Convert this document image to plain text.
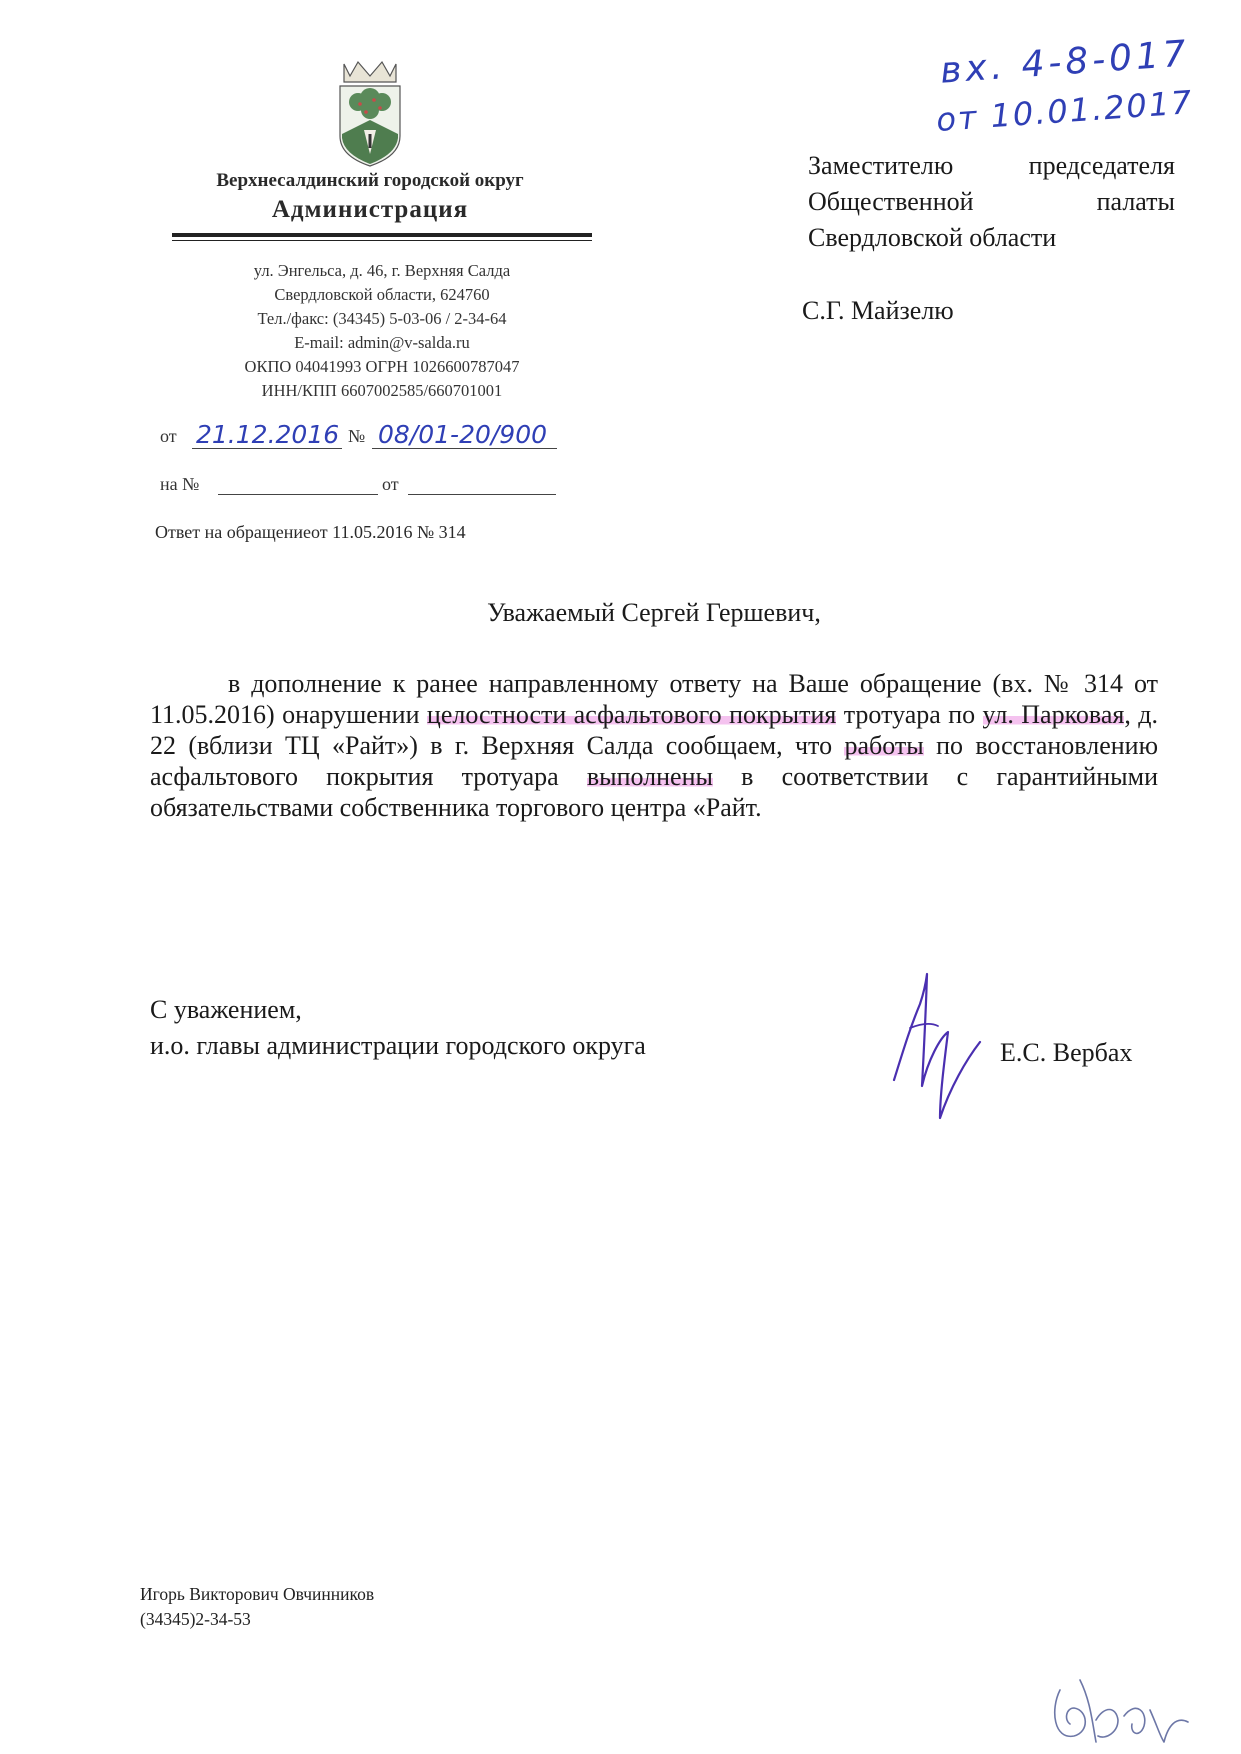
Верхнесалдинский городской округ
Администрация
ул. Энгельса, д. 46, г. Верхняя Салда
Свердловской области, 624760
Тел./факс: (34345) 5-03-06 / 2-34-64
E-mail: admin@v-salda.ru
ОКПО 04041993 ОГРН 1026600787047
ИНН/КПП 6607002585/660701001
от 21.12.2016 № 08/01-20/900
на №	от
Ответ на обращениеот 11.05.2016 № 314
вх. 4-8-017
от 10.01.2017
Заместителю	председателя
Общественной	палаты
Свердловской области
С.Г. Майзелю
Уважаемый Сергей Гершевич,
в дополнение к ранее направленному ответу на Ваше обращение (вх. № 314 от 11.05.2016) онарушении целостности асфальтового покрытия тротуара по ул. Парковая, д. 22 (вблизи ТЦ «Райт») в г. Верхняя Салда сообщаем, что работы по восстановлению асфальтового покрытия тротуара выполнены в соответствии с гарантийными обязательствами собственника торгового центра «Райт.
С уважением,
и.о. главы администрации городского округа	Е.С. Вербах
Игорь Викторович Овчинников
(34345)2-34-53
